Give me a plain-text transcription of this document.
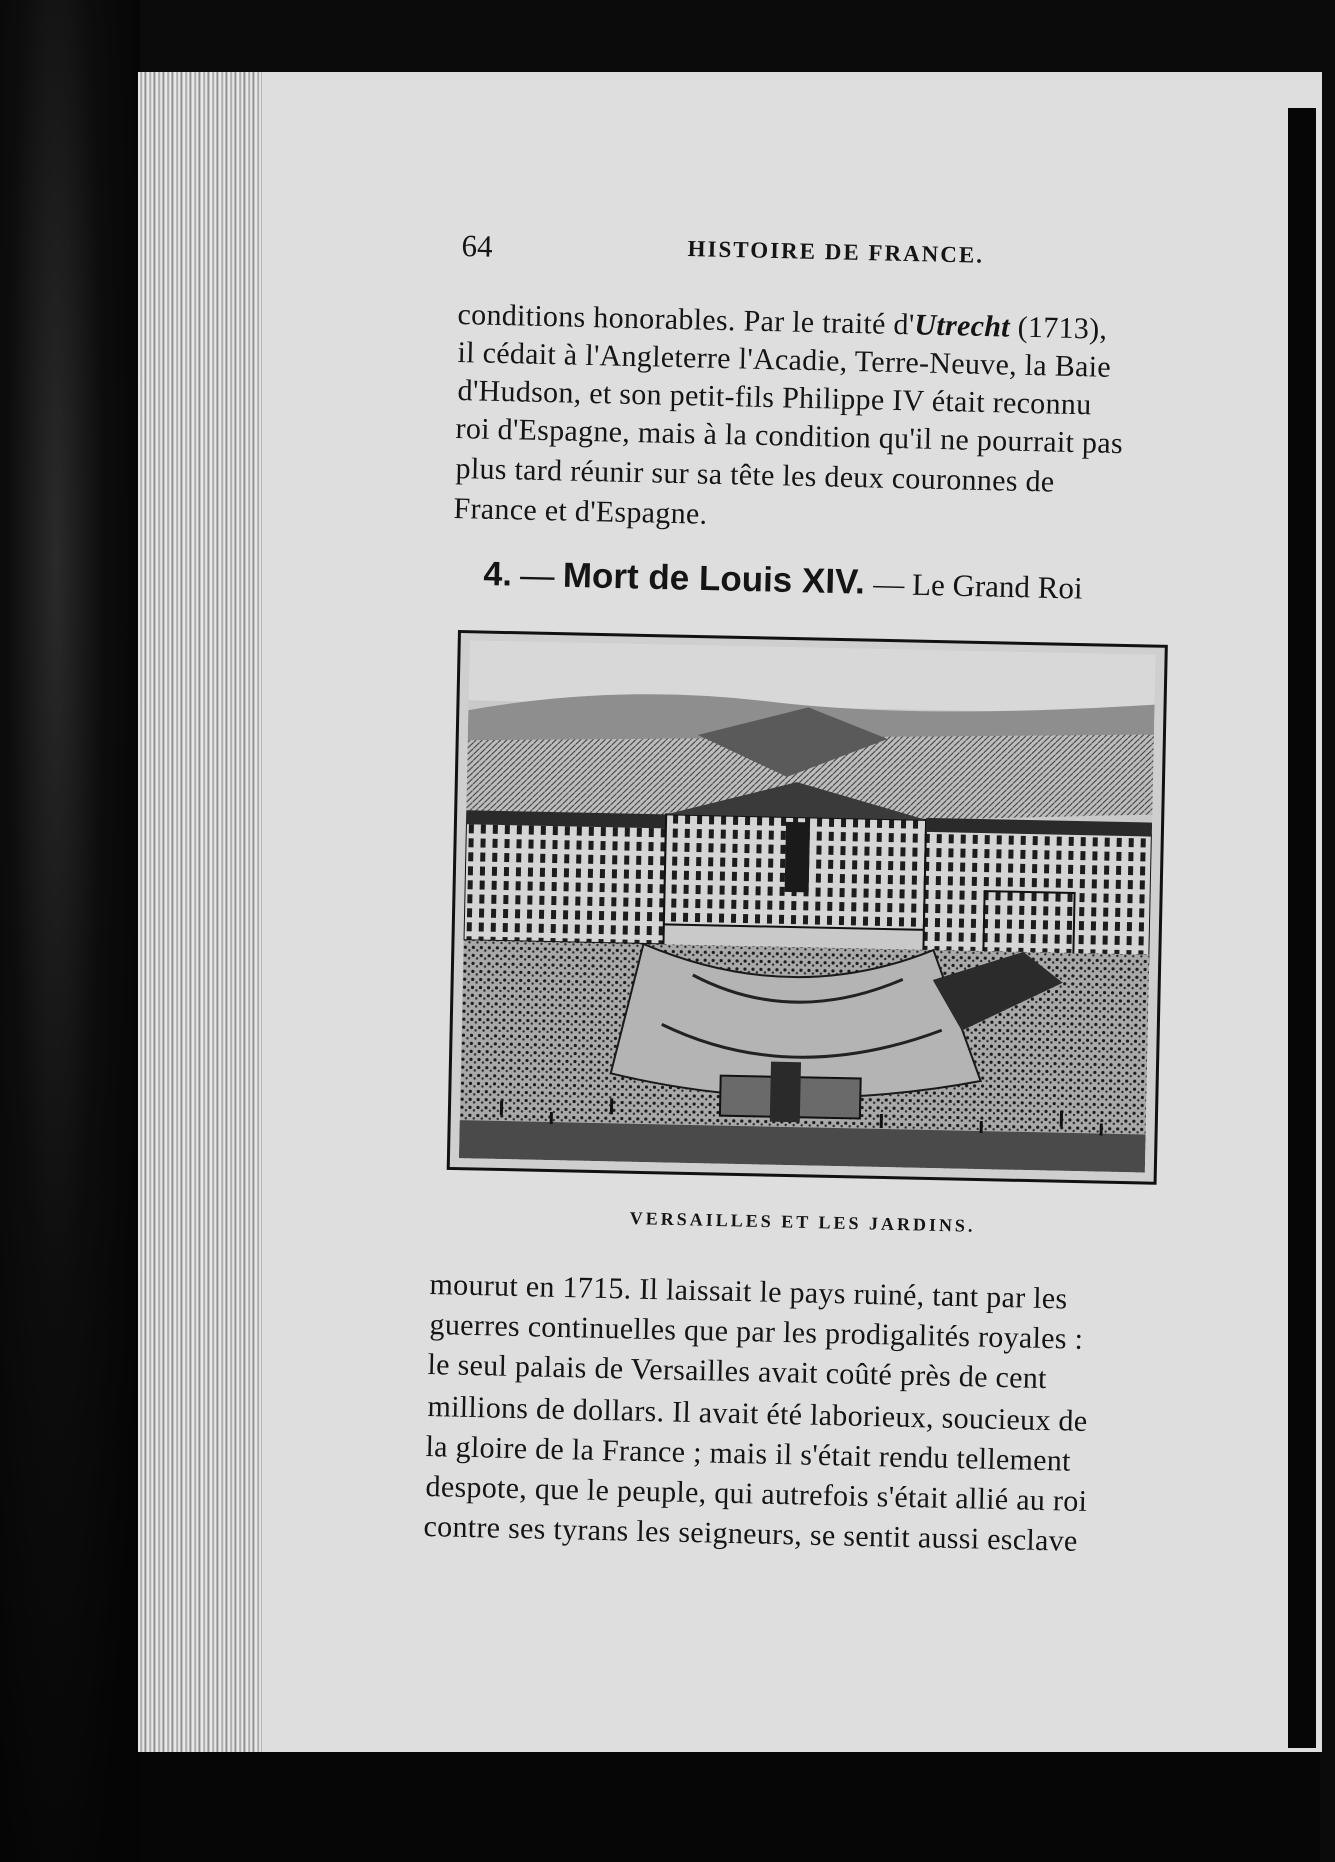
64	HISTOIRE DE FRANCE.
conditions honorables. Par le traité d'Utrecht (1713),
il cédait à l'Angleterre l'Acadie, Terre-Neuve, la Baie
d'Hudson, et son petit-fils Philippe IV était reconnu
roi d'Espagne, mais à la condition qu'il ne pourrait pas
plus tard réunir sur sa tête les deux couronnes de
France et d'Espagne.
4. — Mort de Louis XIV. — Le Grand Roi
VERSAILLES ET LES JARDINS.
mourut en 1715. Il laissait le pays ruiné, tant par les
guerres continuelles que par les prodigalités royales :
le seul palais de Versailles avait coûté près de cent
millions de dollars. Il avait été laborieux, soucieux de
la gloire de la France ; mais il s'était rendu tellement
despote, que le peuple, qui autrefois s'était allié au roi
contre ses tyrans les seigneurs, se sentit aussi esclave
